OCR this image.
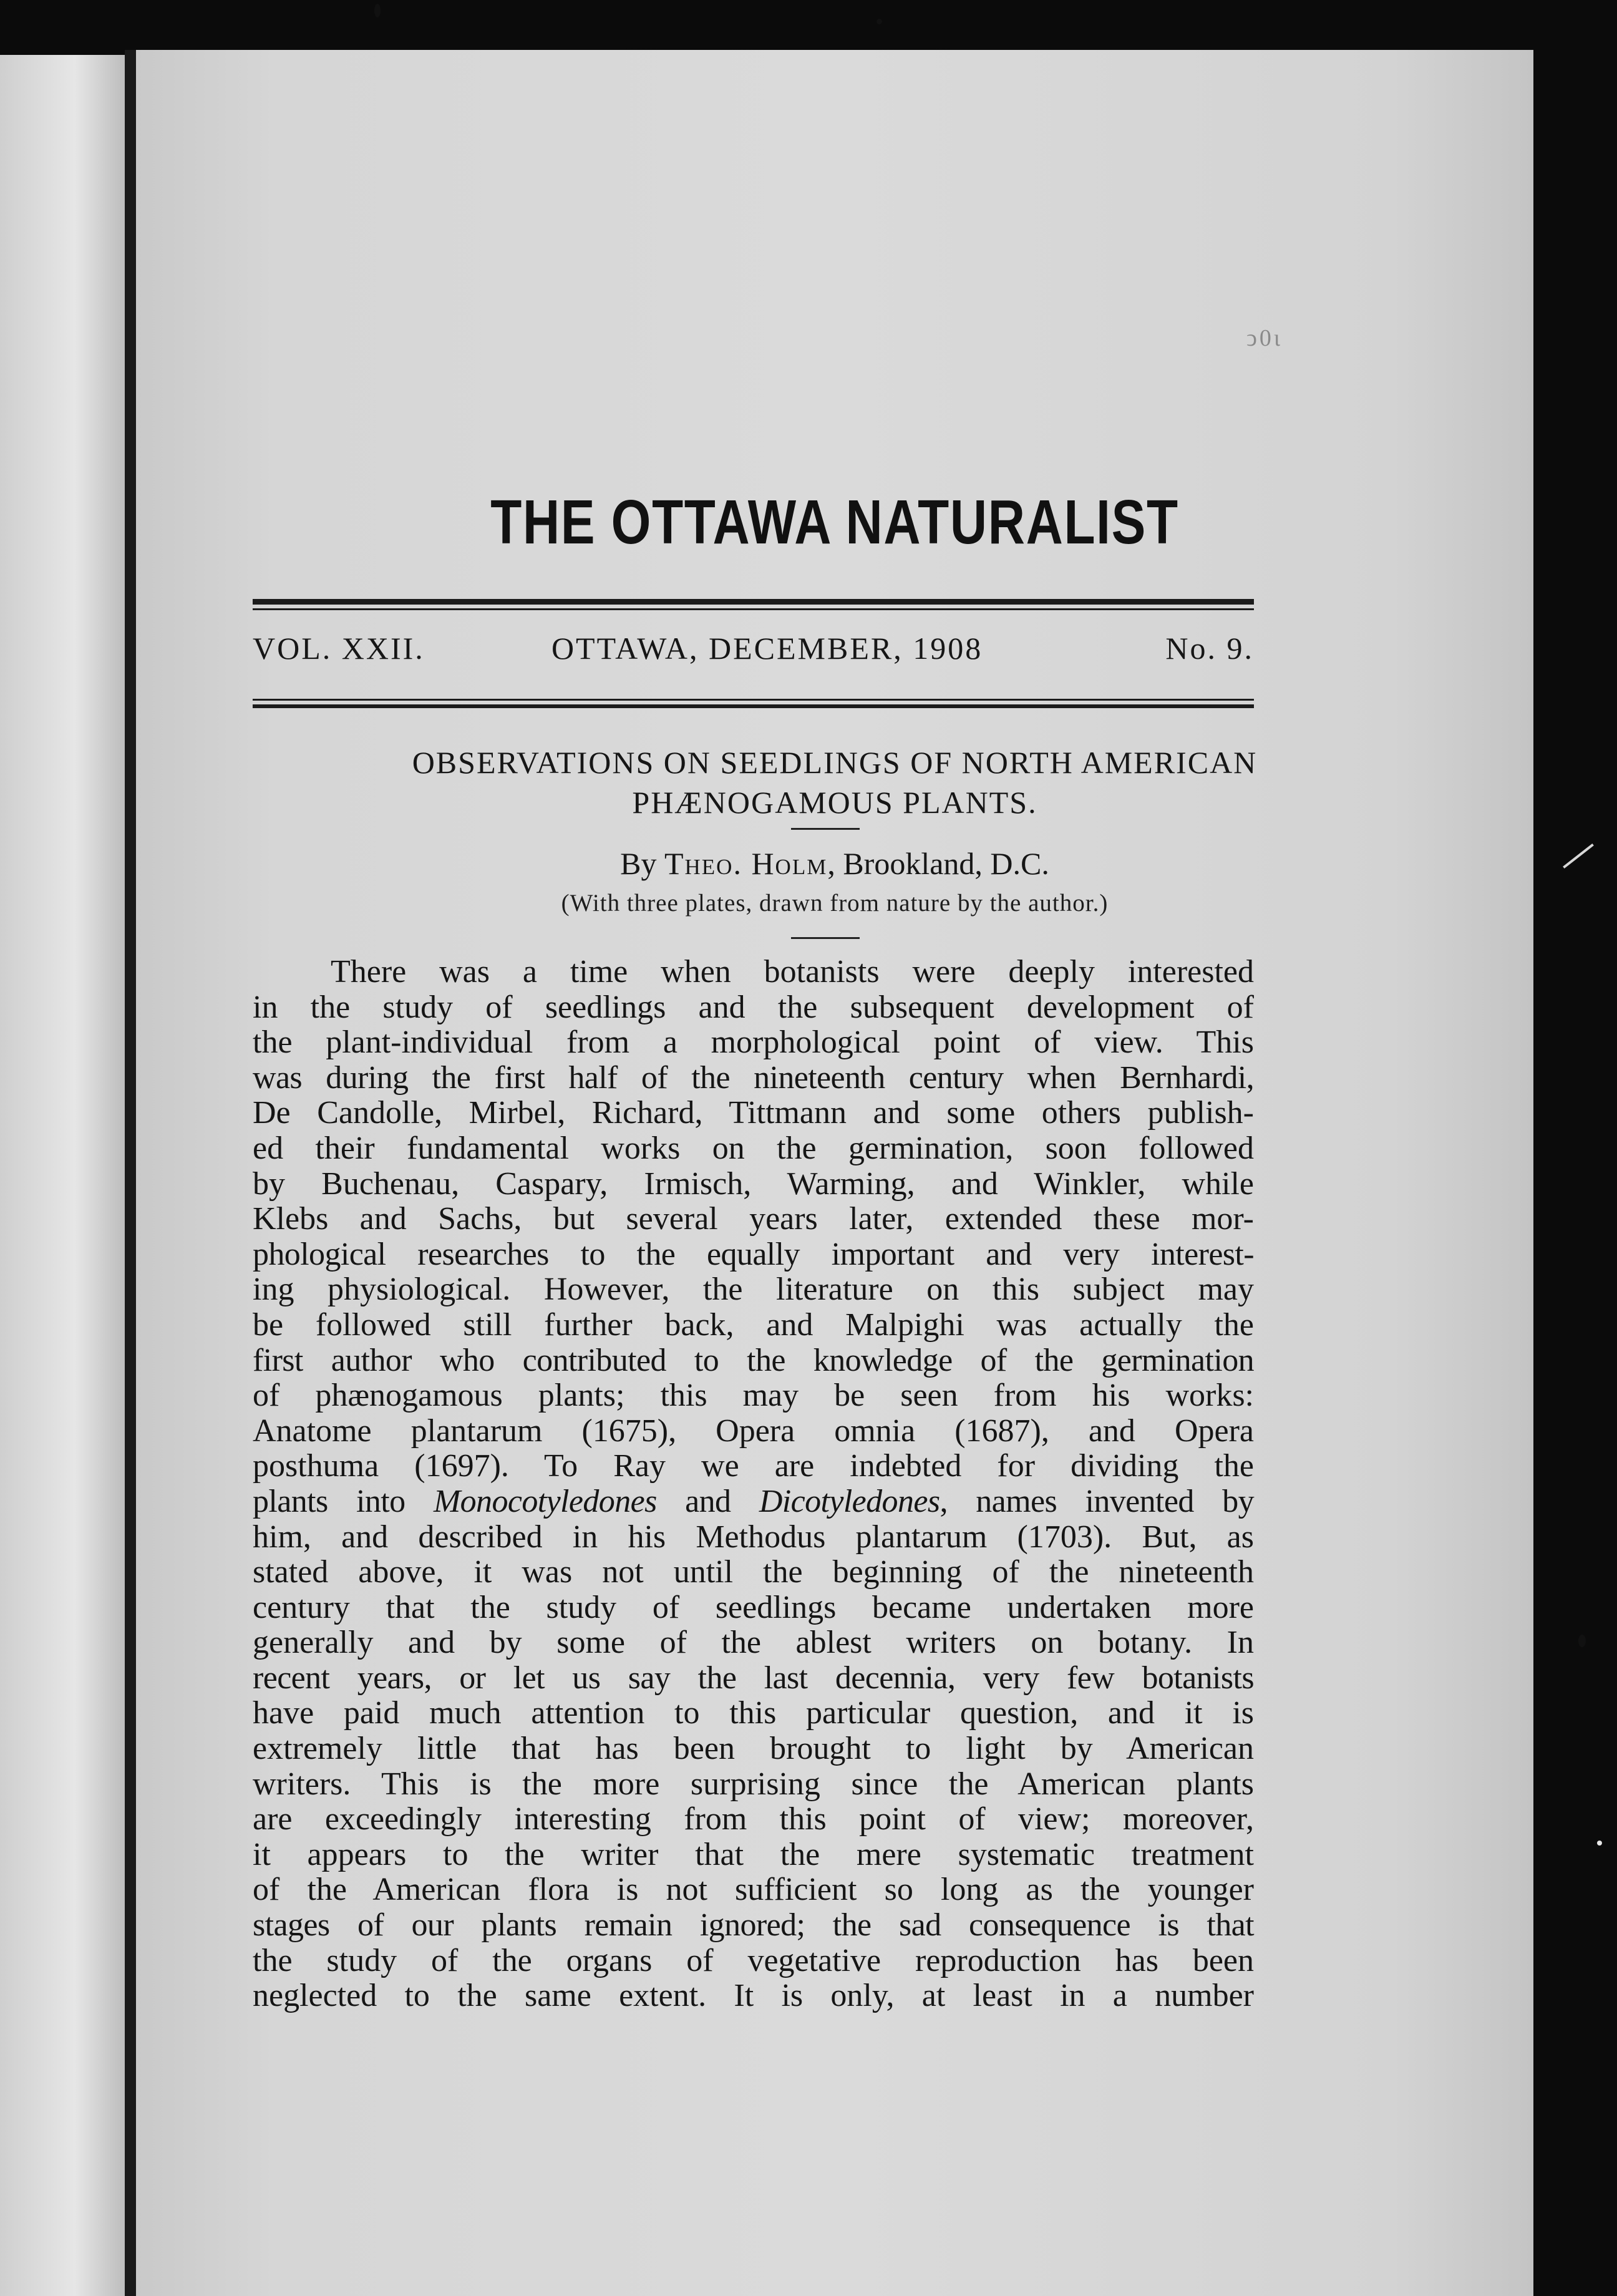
ↄ0ɩ
THE OTTAWA NATURALIST
VOL. XXII.	OTTAWA, DECEMBER, 1908	No. 9.
OBSERVATIONS ON SEEDLINGS OF NORTH AMERICAN
PHÆNOGAMOUS PLANTS.
By Theo. Holm, Brookland, D.C.
(With three plates, drawn from nature by the author.)
There was a time when botanists were deeply interested
in the study of seedlings and the subsequent development of
the plant-individual from a morphological point of view. This
was during the first half of the nineteenth century when Bernhardi,
De Candolle, Mirbel, Richard, Tittmann and some others publish-
ed their fundamental works on the germination, soon followed
by Buchenau, Caspary, Irmisch, Warming, and Winkler, while
Klebs and Sachs, but several years later, extended these mor-
phological researches to the equally important and very interest-
ing physiological. However, the literature on this subject may
be followed still further back, and Malpighi was actually the
first author who contributed to the knowledge of the germination
of phænogamous plants; this may be seen from his works:
Anatome plantarum (1675), Opera omnia (1687), and Opera
posthuma (1697). To Ray we are indebted for dividing the
plants into Monocotyledones and Dicotyledones, names invented by
him, and described in his Methodus plantarum (1703). But, as
stated above, it was not until the beginning of the nineteenth
century that the study of seedlings became undertaken more
generally and by some of the ablest writers on botany. In
recent years, or let us say the last decennia, very few botanists
have paid much attention to this particular question, and it is
extremely little that has been brought to light by American
writers. This is the more surprising since the American plants
are exceedingly interesting from this point of view; moreover,
it appears to the writer that the mere systematic treatment
of the American flora is not sufficient so long as the younger
stages of our plants remain ignored; the sad consequence is that
the study of the organs of vegetative reproduction has been
neglected to the same extent. It is only, at least in a number
